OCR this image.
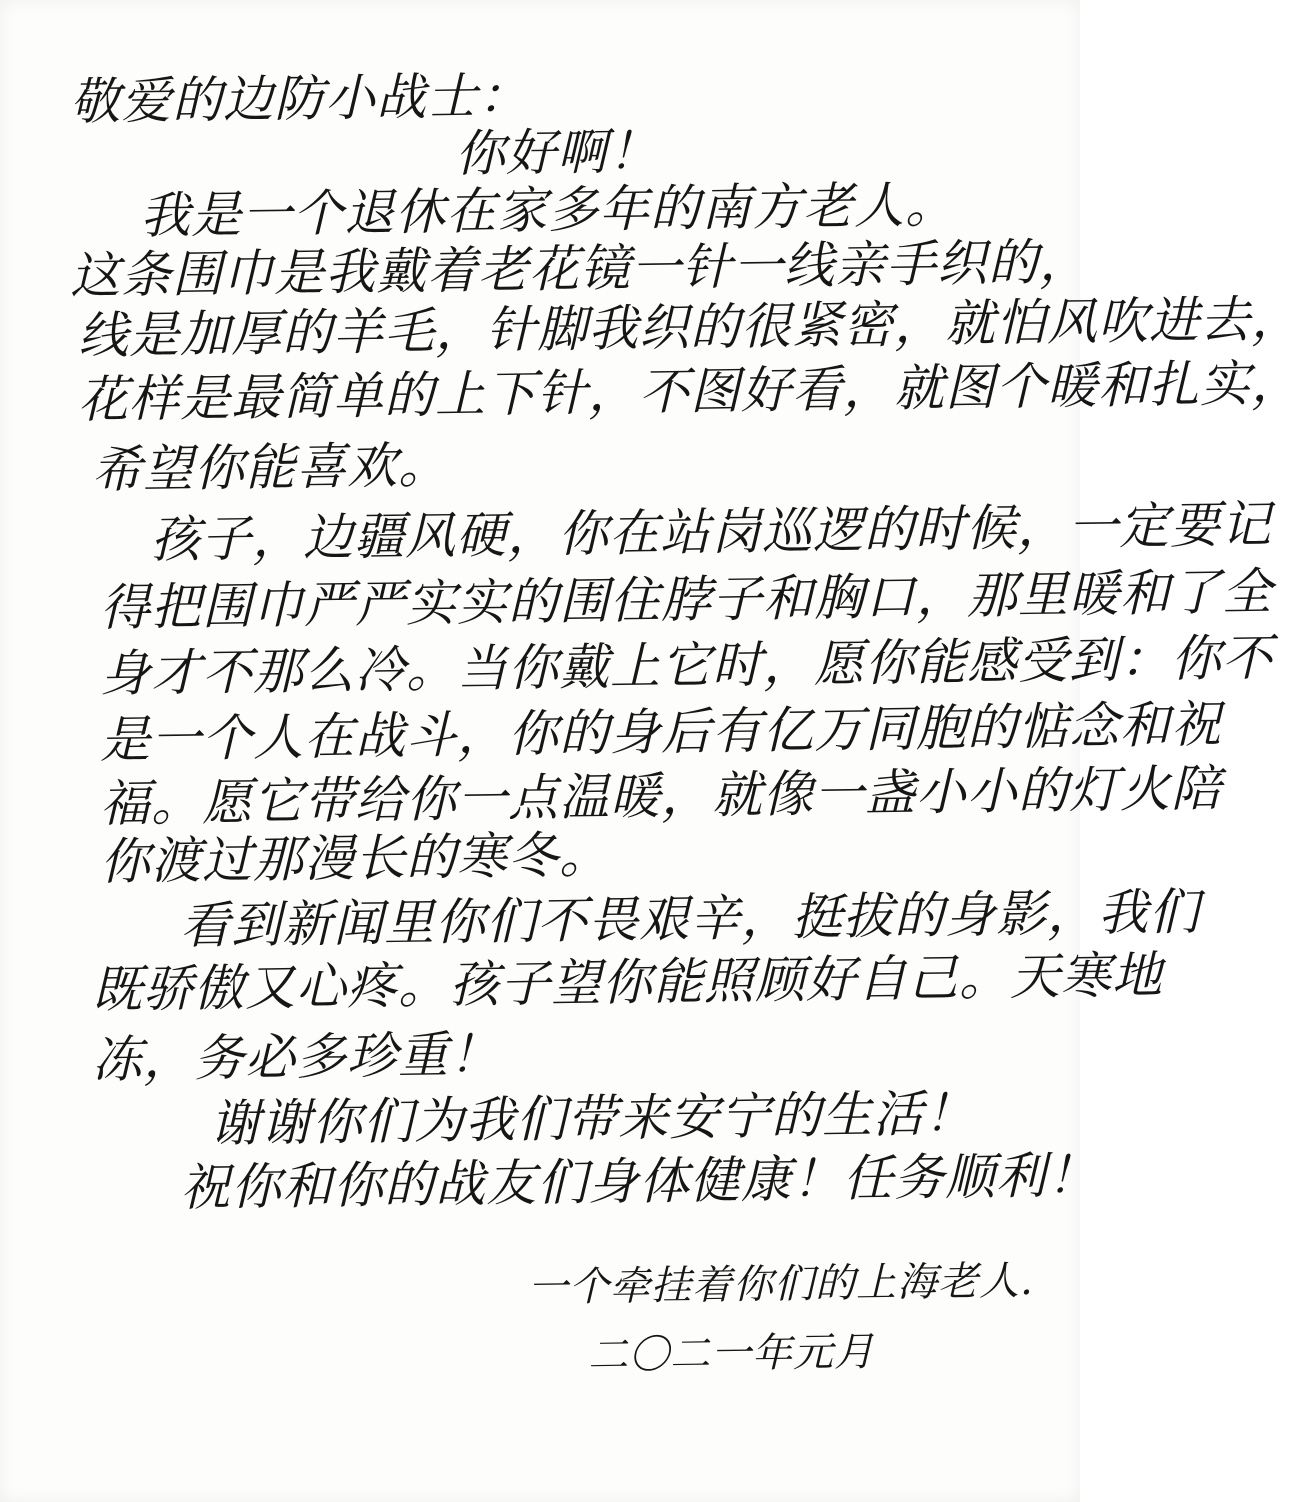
敬爱的边防小战士：
你好啊！
我是一个退休在家多年的南方老人。
这条围巾是我戴着老花镜一针一线亲手织的，
线是加厚的羊毛，针脚我织的很紧密，就怕风吹进去，
花样是最简单的上下针，不图好看，就图个暖和扎实，
希望你能喜欢。
孩子，边疆风硬，你在站岗巡逻的时候，一定要记
得把围巾严严实实的围住脖子和胸口，那里暖和了全
身才不那么冷。当你戴上它时，愿你能感受到：你不
是一个人在战斗，你的身后有亿万同胞的惦念和祝
福。愿它带给你一点温暖，就像一盏小小的灯火陪
你渡过那漫长的寒冬。
看到新闻里你们不畏艰辛，挺拔的身影，我们
既骄傲又心疼。孩子望你能照顾好自己。天寒地
冻，务必多珍重！
谢谢你们为我们带来安宁的生活！
祝你和你的战友们身体健康！任务顺利！
一个牵挂着你们的上海老人.
二〇二一年元月
